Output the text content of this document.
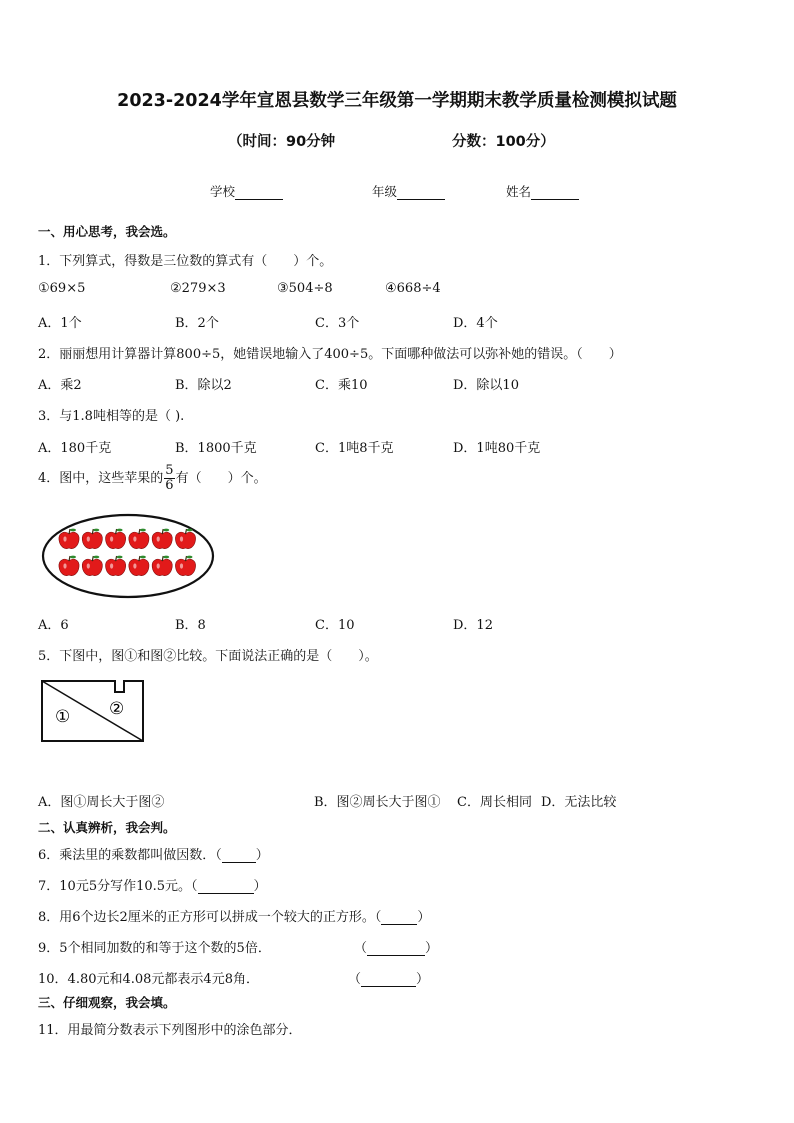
2023-2024学年宣恩县数学三年级第一学期期末教学质量检测模拟试题
（时间：90分钟	分数：100分）
学校	年级	姓名
一、用心思考，我会选。
1．下列算式，得数是三位数的算式有（　　）个。
①69×5	②279×3	③504÷8	④668÷4
A．1个	B．2个	C．3个	D．4个
2．丽丽想用计算器计算800÷5，她错误地输入了400÷5。下面哪种做法可以弥补她的错误。（　　）
A．乘2	B．除以2	C．乘10	D．除以10
3．与1.8吨相等的是（ ).
A．180千克	B．1800千克	C．1吨8千克	D．1吨80千克
4．图中，这些苹果的 $\frac{5}{6}$ 有（　　）个。
A．6	B．8	C．10	D．12
5．下图中，图①和图②比较。下面说法正确的是（　　）。
① ②
A．图①周长大于图②	B．图②周长大于图① C．周长相同 D．无法比较
二、认真辨析，我会判。
6．乘法里的乘数都叫做因数．（	）
7．10元5分写作10.5元。（	）
8．用6个边长2厘米的正方形可以拼成一个较大的正方形。（	）
9．5个相同加数的和等于这个数的5倍．	（	）
10．4.80元和4.08元都表示4元8角．	（	）
三、仔细观察，我会填。
11．用最简分数表示下列图形中的涂色部分．
